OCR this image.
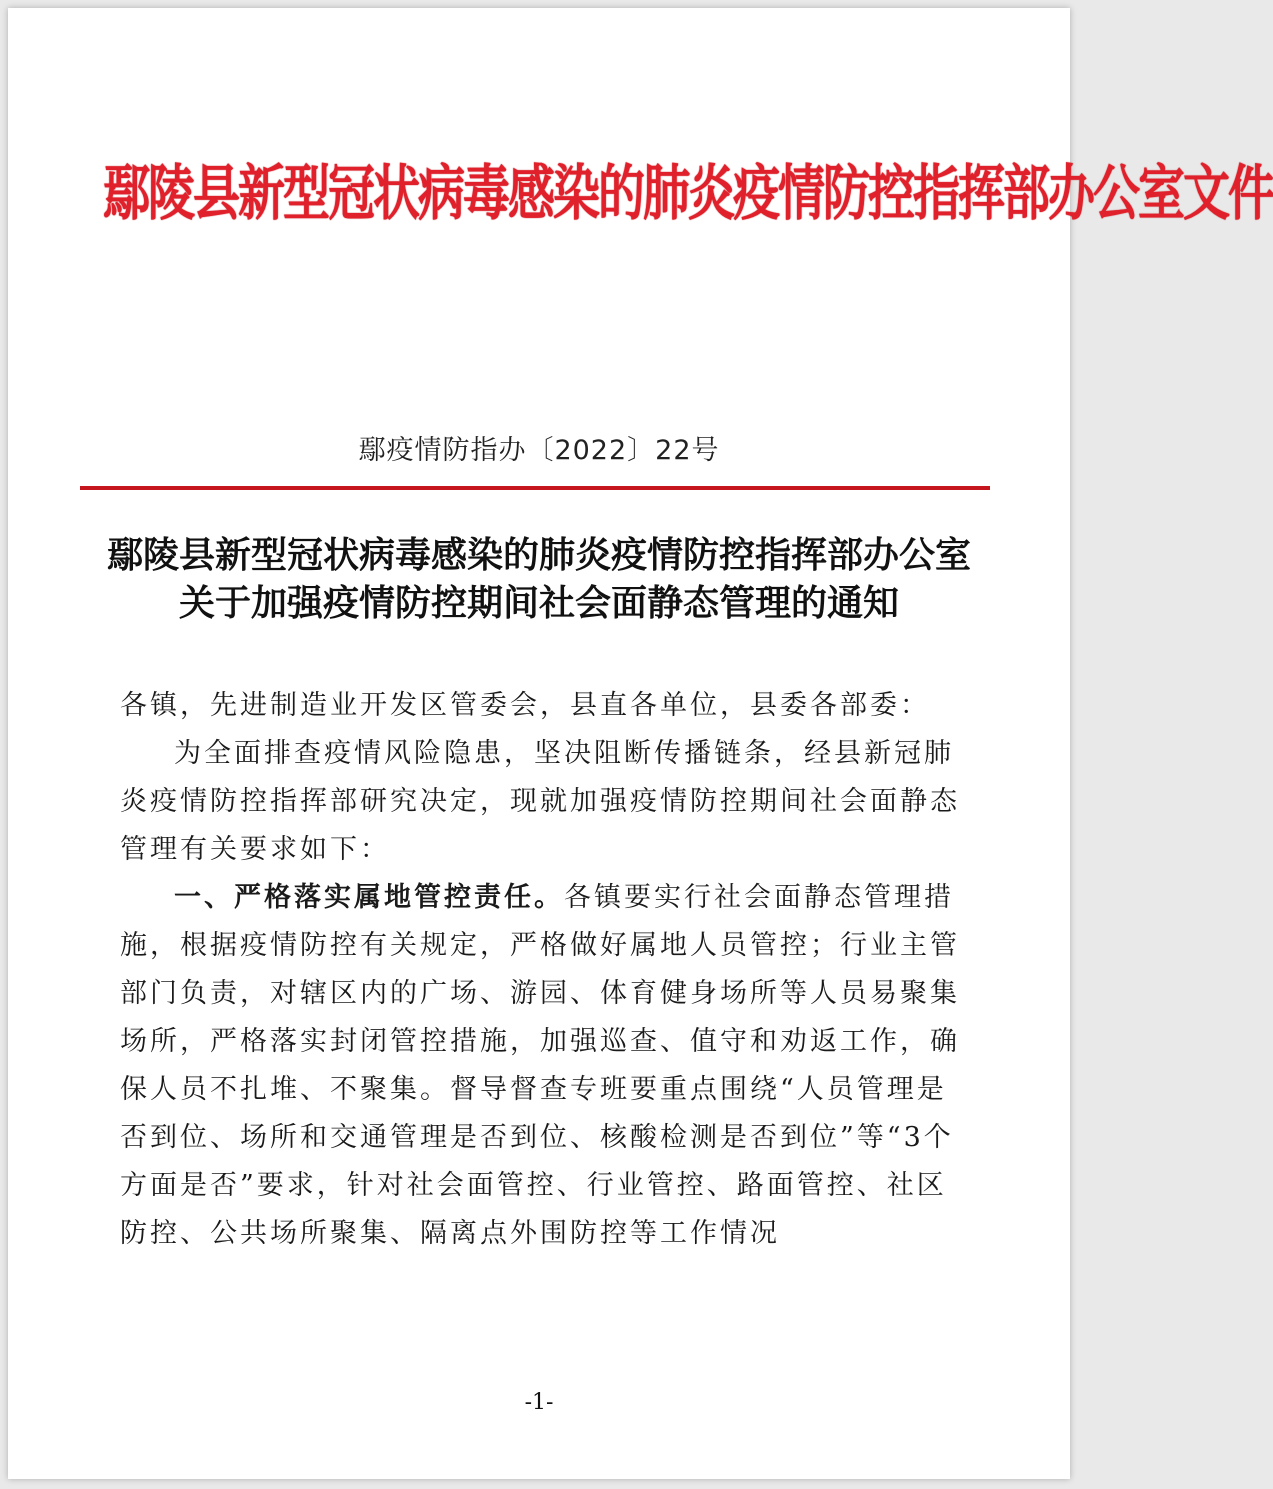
鄢陵县新型冠状病毒感染的肺炎疫情防控指挥部办公室文件
鄢疫情防指办〔2022〕22号
鄢陵县新型冠状病毒感染的肺炎疫情防控指挥部办公室
关于加强疫情防控期间社会面静态管理的通知

各镇，先进制造业开发区管委会，县直各单位，县委各部委：

为全面排查疫情风险隐患，坚决阻断传播链条，经县新冠肺炎疫情防控指挥部研究决定，现就加强疫情防控期间社会面静态管理有关要求如下：

一、严格落实属地管控责任。各镇要实行社会面静态管理措施，根据疫情防控有关规定，严格做好属地人员管控；行业主管部门负责，对辖区内的广场、游园、体育健身场所等人员易聚集场所，严格落实封闭管控措施，加强巡查、值守和劝返工作，确保人员不扎堆、不聚集。督导督查专班要重点围绕“人员管理是否到位、场所和交通管理是否到位、核酸检测是否到位”等“3个方面是否”要求，针对社会面管控、行业管控、路面管控、社区防控、公共场所聚集、隔离点外围防控等工作情况

-1-
